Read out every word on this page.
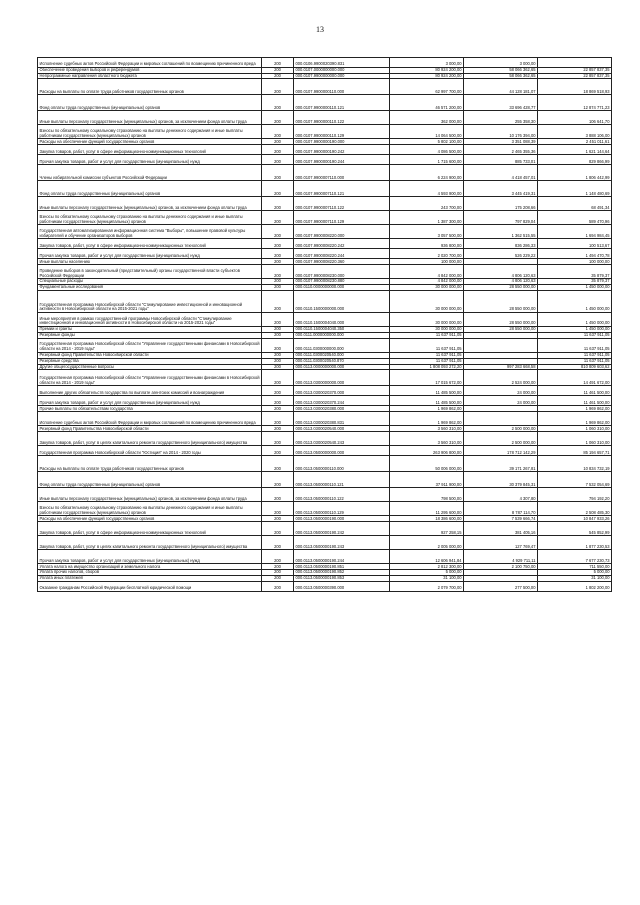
13
Исполнение судебных актов Российской Федерации и мировых соглашений по возмещению причиненного вреда	200	000.0106.9900020390.831	3 000,00	3 000,00	
Обеспечение проведения выборов и референдумов	200	000.0107.0000000000.000	80 924 200,00	58 066 362,65	22 857 837,35
Непрограммные направления областного бюджета	200	000.0107.9900000000.000	80 924 200,00	58 066 362,65	22 857 837,35
Расходы на выплаты по оплате труда работников государственных органов	200	000.0107.9900000110.000	62 997 700,00	44 128 181,07	18 869 518,93
Фонд оплаты труда государственных (муниципальных) органов	200	000.0107.9900000110.121	46 571 200,00	33 696 428,77	12 874 771,23
Иные выплаты персоналу государственных (муниципальных) органов, за исключением фонда оплаты труда	200	000.0107.9900000110.122	362 000,00	255 358,30	106 641,70
Взносы по обязательному социальному страхованию на выплаты денежного содержания и иные выплаты работникам государственных (муниципальных) органов	200	000.0107.9900000110.129	14 064 500,00	10 176 394,00	3 888 106,00
Расходы на обеспечение функций государственных органов	200	000.0107.9900000190.000	5 802 100,00	3 351 088,39	2 451 011,61
Закупка товаров, работ, услуг в сфере информационно-коммуникационных технологий	200	000.0107.9900000190.242	4 086 500,00	2 465 355,36	1 621 144,64
Прочая закупка товаров, работ и услуг для государственных (муниципальных) нужд	200	000.0107.9900000190.244	1 715 600,00	885 733,01	829 866,99
Члены избирательной комиссии субъектов Российской Федерации	200	000.0107.9900007110.000	6 224 900,00	4 418 457,01	1 806 442,99
Фонд оплаты труда государственных (муниципальных) органов	200	000.0107.9900007110.121	4 593 900,00	3 445 419,31	1 148 480,69
Иные выплаты персоналу государственных (муниципальных) органов, за исключением фонда оплаты труда	200	000.0107.9900007110.122	243 700,00	175 208,66	68 491,34
Взносы по обязательному социальному страхованию на выплаты денежного содержания и иные выплаты работникам государственных (муниципальных) органов	200	000.0107.9900007110.129	1 387 300,00	797 829,04	589 470,96
Государственная автоматизированная информационная система "Выборы", повышение правовой культуры избирателей и обучение организаторов выборов	200	000.0107.9900008220.000	3 057 500,00	1 362 515,55	1 694 984,45
Закупка товаров, работ, услуг в сфере информационно-коммуникационных технологий	200	000.0107.9900008220.242	936 800,00	836 286,33	100 513,67
Прочая закупка товаров, работ и услуг для государственных (муниципальных) нужд	200	000.0107.9900008220.244	2 020 700,00	526 229,22	1 494 470,78
Иные выплаты населению	200	000.0107.9900008220.360	100 000,00		100 000,00
Проведение выборов в законодательный (представительный) органы государственной власти субъектов Российской Федерации	200	000.0107.9900008230.000	4 842 000,00	4 806 120,63	35 879,37
Специальные расходы	200	000.0107.9900008230.880	4 842 000,00	4 806 120,63	35 879,37
Фундаментальные исследования	200	000.0110.0000000000.000	30 000 000,00	28 550 000,00	1 450 000,00
Государственная программа Новосибирской области "Стимулирование инвестиционной и инновационной активности в Новосибирской области на 2015-2021 годы"	200	000.0110.1500000000.000	30 000 000,00	28 550 000,00	1 450 000,00
Иные мероприятия в рамках государственной программы Новосибирской области "Стимулирование инвестиционной и инновационной активности в Новосибирской области на 2015-2021 годы"	200	000.0110.1500004040.000	30 000 000,00	28 550 000,00	1 450 000,00
Премии и гранты	200	000.0110.1500004040.350	30 000 000,00	28 550 000,00	1 450 000,00
Резервные фонды	200	000.0111.0000000000.000	11 637 911,05		11 637 911,05
Государственная программа Новосибирской области "Управление государственными финансами в Новосибирской области на 2014 - 2019 годы"	200	000.0111.0300000000.000	11 637 911,05		11 637 911,05
Резервный фонд Правительства Новосибирской области	200	000.0111.0300020540.000	11 637 911,05		11 637 911,05
Резервные средства	200	000.0111.0300020540.870	11 637 911,05		11 637 911,05
Другие общегосударственные вопросы	200	000.0113.0000000000.000	1 808 093 272,20	997 283 668,58	810 809 603,62
Государственная программа Новосибирской области "Управление государственными финансами в Новосибирской области на 2014 - 2019 годы"	200	000.0113.0300000000.000	17 015 672,00	2 524 000,00	14 491 672,00
Выполнение других обязательств государства по выплате агентских комиссий и вознаграждения	200	000.0113.0300020370.000	11 485 500,00	24 000,00	11 461 500,00
Прочая закупка товаров, работ и услуг для государственных (муниципальных) нужд	200	000.0113.0300020370.244	11 485 500,00	24 000,00	11 461 500,00
Прочие выплаты по обязательствам государства	200	000.0113.0300020380.000	1 969 862,00		1 969 862,00
Исполнение судебных актов Российской Федерации и мировых соглашений по возмещению причиненного вреда	200	000.0113.0300020380.831	1 969 862,00		1 969 862,00
Резервный фонд Правительства Новосибирской области	200	000.0113.0300020540.000	3 560 310,00	2 500 000,00	1 060 310,00
Закупка товаров, работ, услуг в целях капитального ремонта государственного (муниципального) имущества	200	000.0113.0300020540.243	3 560 310,00	2 500 000,00	1 060 310,00
Государственная программа Новосибирской области "Юстиция" на 2014 - 2020 годы	200	000.0113.0500000000.000	263 906 800,00	178 712 142,29	85 194 657,71
Расходы на выплаты по оплате труда работников государственных органов	200	000.0113.0500000110.000	50 006 000,00	39 171 267,81	10 834 732,19
Фонд оплаты труда государственных (муниципальных) органов	200	000.0113.0500000110.121	37 911 900,00	30 379 845,31	7 532 054,69
Иные выплаты персоналу государственных (муниципальных) органов, за исключением фонда оплаты труда	200	000.0113.0500000110.122	798 500,00	4 307,80	794 192,20
Взносы по обязательному социальному страхованию на выплаты денежного содержания и иные выплаты работникам государственных (муниципальных) органов	200	000.0113.0500000110.129	11 295 600,00	8 787 114,70	2 508 485,30
Расходы на обеспечение функций государственных органов	200	000.0113.0500000190.000	18 386 600,00	7 539 666,74	10 847 933,26
Закупка товаров, работ, услуг в сфере информационно-коммуникационных технологий	200	000.0113.0500000190.242	927 258,15	381 405,16	545 852,99
Закупка товаров, работ, услуг в целях капитального ремонта государственного (муниципального) имущества	200	000.0113.0500000190.243	2 005 000,00	127 769,47	1 877 230,53
Прочая закупка товаров, работ и услуг для государственных (муниципальных) нужд	200	000.0113.0500000190.244	12 606 941,84	4 929 711,11	7 677 230,73
Уплата налога на имущество организаций и земельного налога	200	000.0113.0500000190.851	2 812 300,00	2 100 750,00	711 550,00
Уплата прочих налогов, сборов	200	000.0113.0500000190.852	5 000,00		5 000,00
Уплата иных платежей	200	000.0113.0500000190.853	31 100,00		31 100,00
Оказание гражданам Российской Федерации бесплатной юридической помощи	200	000.0113.0500000390.000	2 079 700,00	277 500,00	1 802 200,00
